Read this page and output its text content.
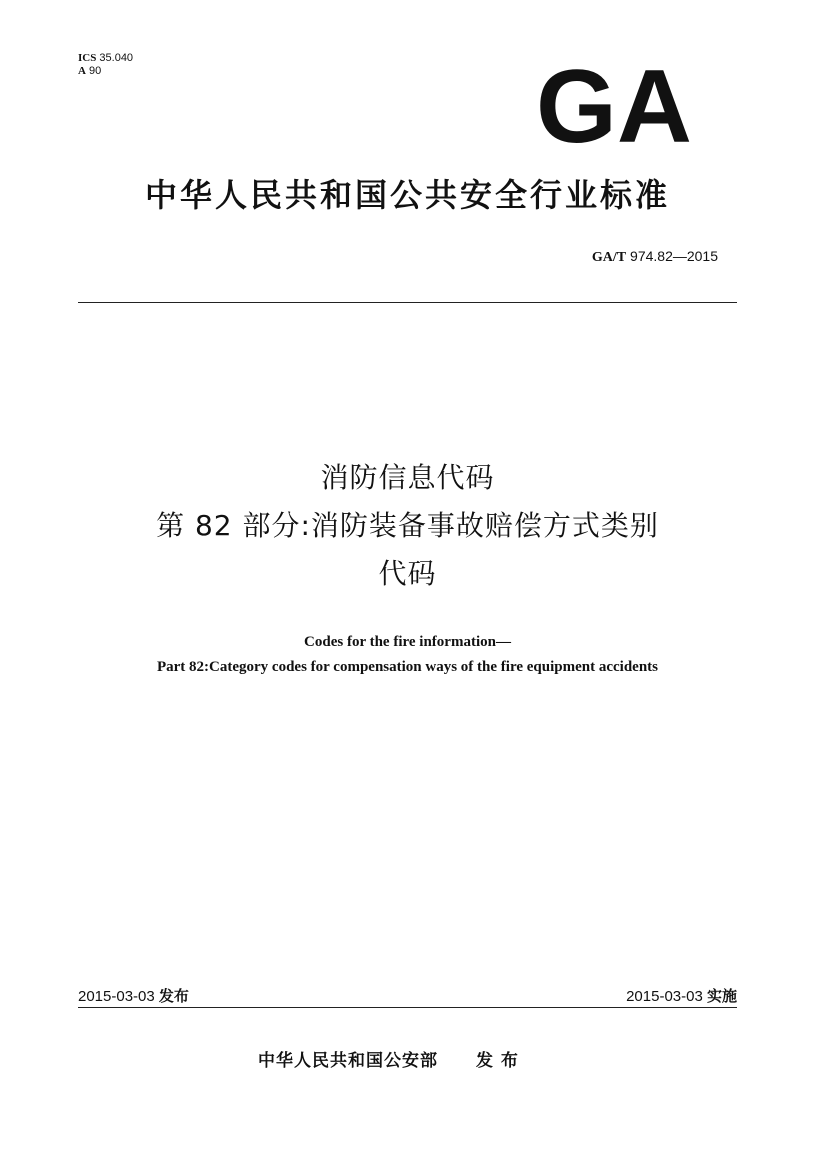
ICS 35.040
A 90	GA
中华人民共和国公共安全行业标准
GA/T 974.82—2015
消防信息代码
第 82 部分:消防装备事故赔偿方式类别
代码
Codes for the fire information—
Part 82:Category codes for compensation ways of the fire equipment accidents
2015-03-03 发布	2015-03-03 实施
中华人民共和国公安部 发 布
